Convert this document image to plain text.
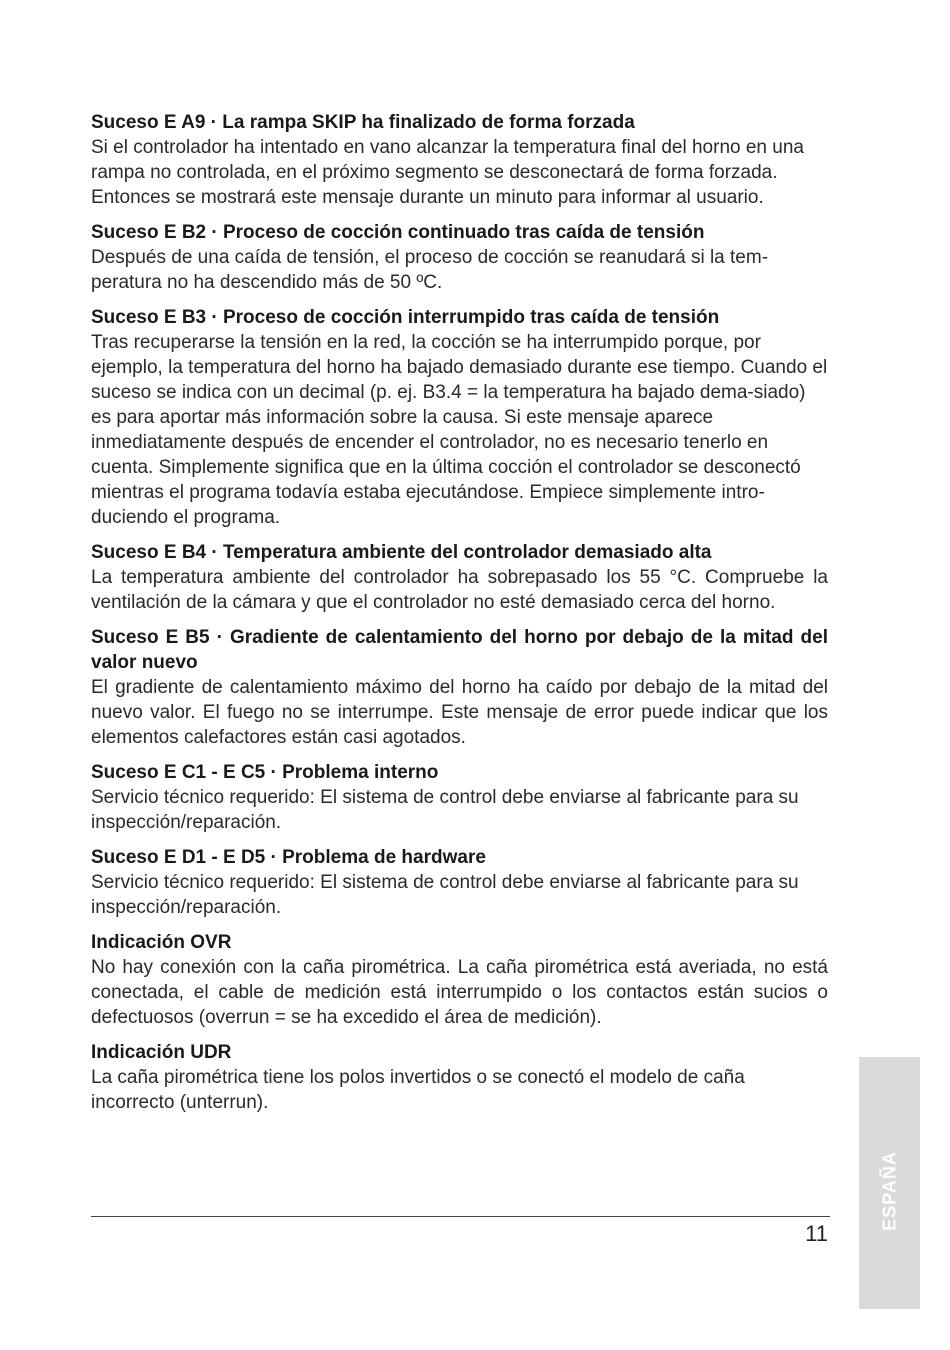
Suceso E A9 · La rampa SKIP ha finalizado de forma forzada

Si el controlador ha intentado en vano alcanzar la temperatura final del horno en una rampa no controlada, en el próximo segmento se desconectará de forma forzada. Entonces se mostrará este mensaje durante un minuto para informar al usuario.

Suceso E B2 · Proceso de cocción continuado tras caída de tensión

Después de una caída de tensión, el proceso de cocción se reanudará si la tem-peratura no ha descendido más de 50 ºC.

Suceso E B3 · Proceso de cocción interrumpido tras caída de tensión

Tras recuperarse la tensión en la red, la cocción se ha interrumpido porque, por ejemplo, la temperatura del horno ha bajado demasiado durante ese tiempo. Cuando el suceso se indica con un decimal (p. ej. B3.4 = la temperatura ha bajado dema-siado) es para aportar más información sobre la causa. Si este mensaje aparece inmediatamente después de encender el controlador, no es necesario tenerlo en cuenta. Simplemente significa que en la última cocción el controlador se desconectó mientras el programa todavía estaba ejecutándose. Empiece simplemente intro-duciendo el programa.

Suceso E B4 · Temperatura ambiente del controlador demasiado alta

La temperatura ambiente del controlador ha sobrepasado los 55 °C. Compruebe la ventilación de la cámara y que el controlador no esté demasiado cerca del horno.

Suceso E B5 · Gradiente de calentamiento del horno por debajo de la mitad del valor nuevo

El gradiente de calentamiento máximo del horno ha caído por debajo de la mitad del nuevo valor. El fuego no se interrumpe. Este mensaje de error puede indicar que los elementos calefactores están casi agotados.

Suceso E C1 - E C5 · Problema interno

Servicio técnico requerido: El sistema de control debe enviarse al fabricante para su inspección/reparación.

Suceso E D1 - E D5 · Problema de hardware

Servicio técnico requerido: El sistema de control debe enviarse al fabricante para su inspección/reparación.

Indicación OVR

No hay conexión con la caña pirométrica. La caña pirométrica está averiada, no está conectada, el cable de medición está interrumpido o los contactos están sucios o defectuosos (overrun = se ha excedido el área de medición).

Indicación UDR

La caña pirométrica tiene los polos invertidos o se conectó el modelo de caña incorrecto (unterrun).

11
ESPAÑA
